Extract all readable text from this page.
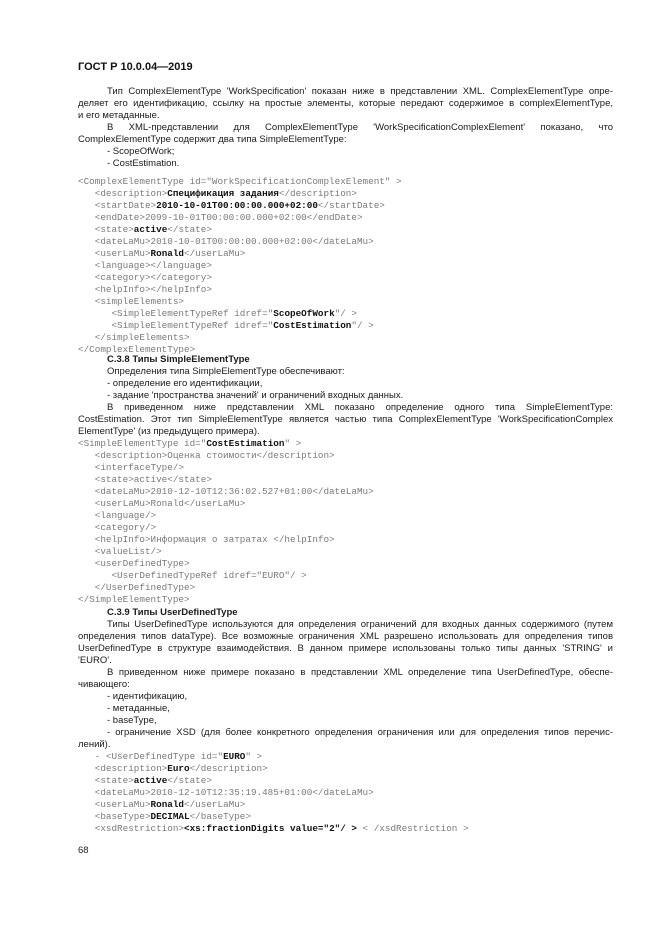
ГОСТ Р 10.0.04—2019
Тип ComplexElementType 'WorkSpecification' показан ниже в представлении XML. ComplexElementType опре-
деляет его идентификацию, ссылку на простые элементы, которые передают содержимое в complexElementType,
и его метаданные.
В XML-представлении для ComplexElementType 'WorkSpecificationComplexElement' показано, что
ComplexElementType содержит два типа SimpleElementType:
- ScopeOfWork;
- CostEstimation.
<ComplexElementType id="WorkSpecificationComplexElement" >
<description>Спецификация задания</description>
<startDate>2010-10-01T00:00:00.000+02:00</startDate>
<endDate>2099-10-01T00:00:00.000+02:00</endDate>
<state>active</state>
<dateLaMu>2010-10-01T00:00:00.000+02:00</dateLaMu>
<userLaMu>Ronald</userLaMu>
<language></language>
<category></category>
<helpInfo></helpInfo>
<simpleElements>
<SimpleElementTypeRef idref="ScopeOfWork"/ >
<SimpleElementTypeRef idref="CostEstimation"/ >
</simpleElements>
</ComplexElementType>
С.3.8 Типы SimpleElementType
Определения типа SimpleElementType обеспечивают:
- определение его идентификации,
- задание 'пространства значений' и ограничений входных данных.
В приведенном ниже представлении XML показано определение одного типа SimpleElementType:
CostEstimation. Этот тип SimpleElementType является частью типа ComplexElementType 'WorkSpecificationComplex
ElementType' (из предыдущего примера).
<SimpleElementType id="CostEstimation" >
<description>Оценка стоимости</description>
<interfaceType/>
<state>active</state>
<dateLaMu>2010-12-10T12:36:02.527+01:00</dateLaMu>
<userLaMu>Ronald</userLaMu>
<language/>
<category/>
<helpInfo>Информация о затратах </helpInfo>
<valueList/>
<userDefinedType>
<UserDefinedTypeRef idref="EURO"/ >
</UserDefinedType>
</SimpleElementType>
С.3.9 Типы UserDefinedType
Типы UserDefinedType используются для определения ограничений для входных данных содержимого (путем
определения типов dataType). Все возможные ограничения XML разрешено использовать для определения типов
UserDefinedType в структуре взаимодействия. В данном примере использованы только типы данных 'STRING' и
'EURO'.
В приведенном ниже примере показано в представлении XML определение типа UserDefinedType, обеспе-
чивающего:
- идентификацию,
- метаданные,
- baseType,
- ограничение XSD (для более конкретного определения ограничения или для определения типов перечис-
лений).
- <UserDefinedType id="EURO" >
<description>Euro</description>
<state>active</state>
<dateLaMu>2010-12-10T12:35:19.485+01:00</dateLaMu>
<userLaMu>Ronald</userLaMu>
<baseType>DECIMAL</baseType>
<xsdRestriction><xs:fractionDigits value="2"/ > < /xsdRestriction >
68
